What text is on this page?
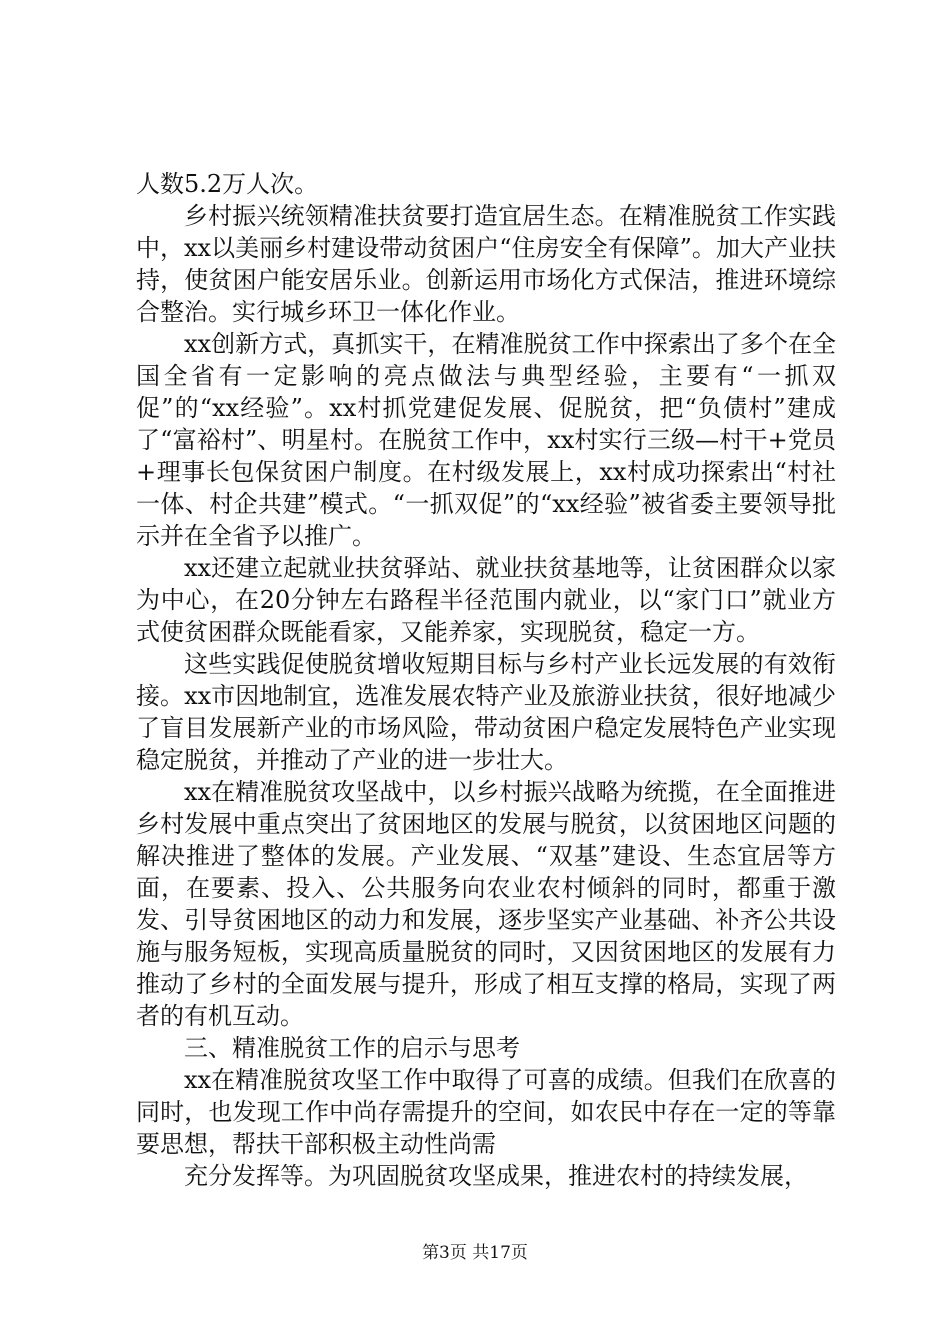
人数5.2万人次。

乡村振兴统领精准扶贫要打造宜居生态。在精准脱贫工作实践中，xx以美丽乡村建设带动贫困户“住房安全有保障”。加大产业扶持，使贫困户能安居乐业。创新运用市场化方式保洁，推进环境综合整治。实行城乡环卫一体化作业。

xx创新方式，真抓实干，在精准脱贫工作中探索出了多个在全国全省有一定影响的亮点做法与典型经验，主要有“一抓双促”的“xx经验”。xx村抓党建促发展、促脱贫，把“负债村”建成了“富裕村”、明星村。在脱贫工作中，xx村实行三级—村干+党员+理事长包保贫困户制度。在村级发展上，xx村成功探索出“村社一体、村企共建”模式。“一抓双促”的“xx经验”被省委主要领导批示并在全省予以推广。

xx还建立起就业扶贫驿站、就业扶贫基地等，让贫困群众以家为中心，在20分钟左右路程半径范围内就业，以“家门口”就业方式使贫困群众既能看家，又能养家，实现脱贫，稳定一方。

这些实践促使脱贫增收短期目标与乡村产业长远发展的有效衔接。xx市因地制宜，选准发展农特产业及旅游业扶贫，很好地减少了盲目发展新产业的市场风险，带动贫困户稳定发展特色产业实现稳定脱贫，并推动了产业的进一步壮大。

xx在精准脱贫攻坚战中，以乡村振兴战略为统揽，在全面推进乡村发展中重点突出了贫困地区的发展与脱贫，以贫困地区问题的解决推进了整体的发展。产业发展、“双基”建设、生态宜居等方面，在要素、投入、公共服务向农业农村倾斜的同时，都重于激发、引导贫困地区的动力和发展，逐步坚实产业基础、补齐公共设施与服务短板，实现高质量脱贫的同时，又因贫困地区的发展有力推动了乡村的全面发展与提升，形成了相互支撑的格局，实现了两者的有机互动。

三、精准脱贫工作的启示与思考

xx在精准脱贫攻坚工作中取得了可喜的成绩。但我们在欣喜的同时，也发现工作中尚存需提升的空间，如农民中存在一定的等靠要思想，帮扶干部积极主动性尚需

充分发挥等。为巩固脱贫攻坚成果，推进农村的持续发展，

第3页 共17页
